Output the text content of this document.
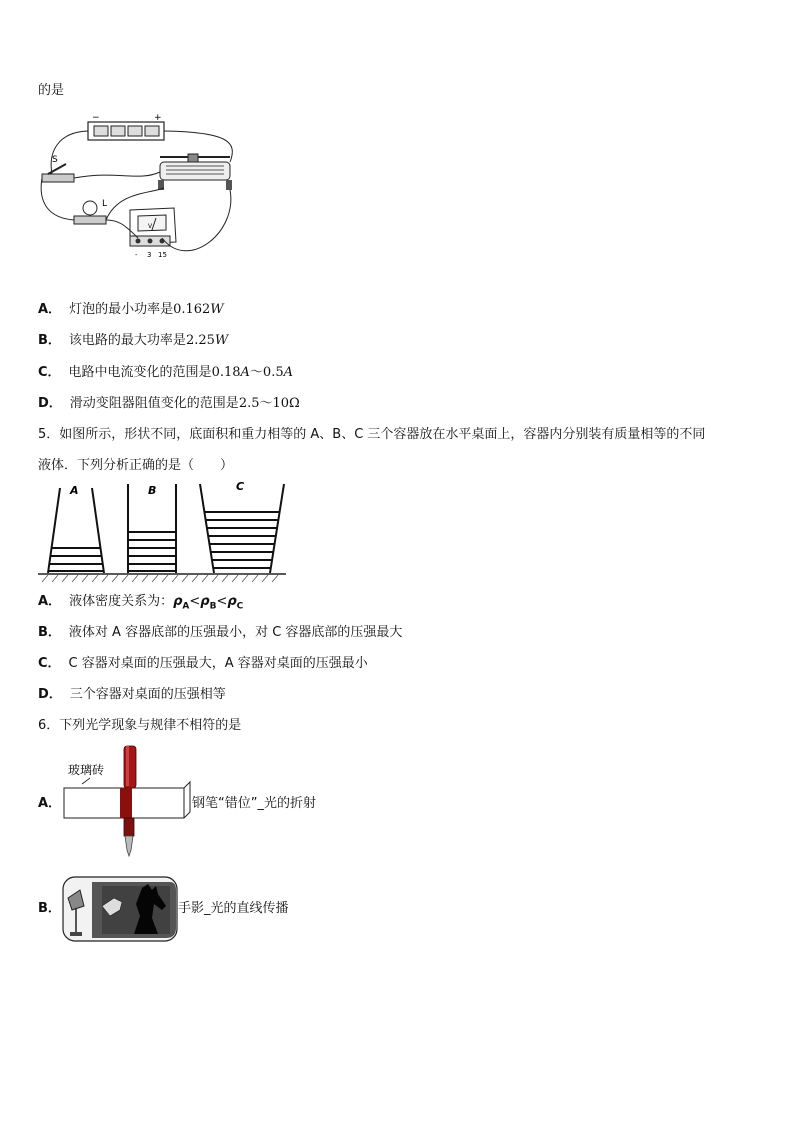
的是
−	+
S
L
V
- 3 15
A． 灯泡的最小功率是0.162W
B． 该电路的最大功率是2.25W
C． 电路中电流变化的范围是0.18A～0.5A
D． 滑动变阻器阻值变化的范围是2.5～10Ω
5．如图所示，形状不同，底面积和重力相等的 A、B、C 三个容器放在水平桌面上，容器内分别装有质量相等的不同
液体．下列分析正确的是（　　）
A	B	C
A． 液体密度关系为：$\rho_A<\rho_B<\rho_C$
B． 液体对 A 容器底部的压强最小，对 C 容器底部的压强最大
C． C 容器对桌面的压强最大，A 容器对桌面的压强最小
D． 三个容器对桌面的压强相等
6．下列光学现象与规律不相符的是
玻璃砖
A．	钢笔“错位”_光的折射
B．	手影_光的直线传播
